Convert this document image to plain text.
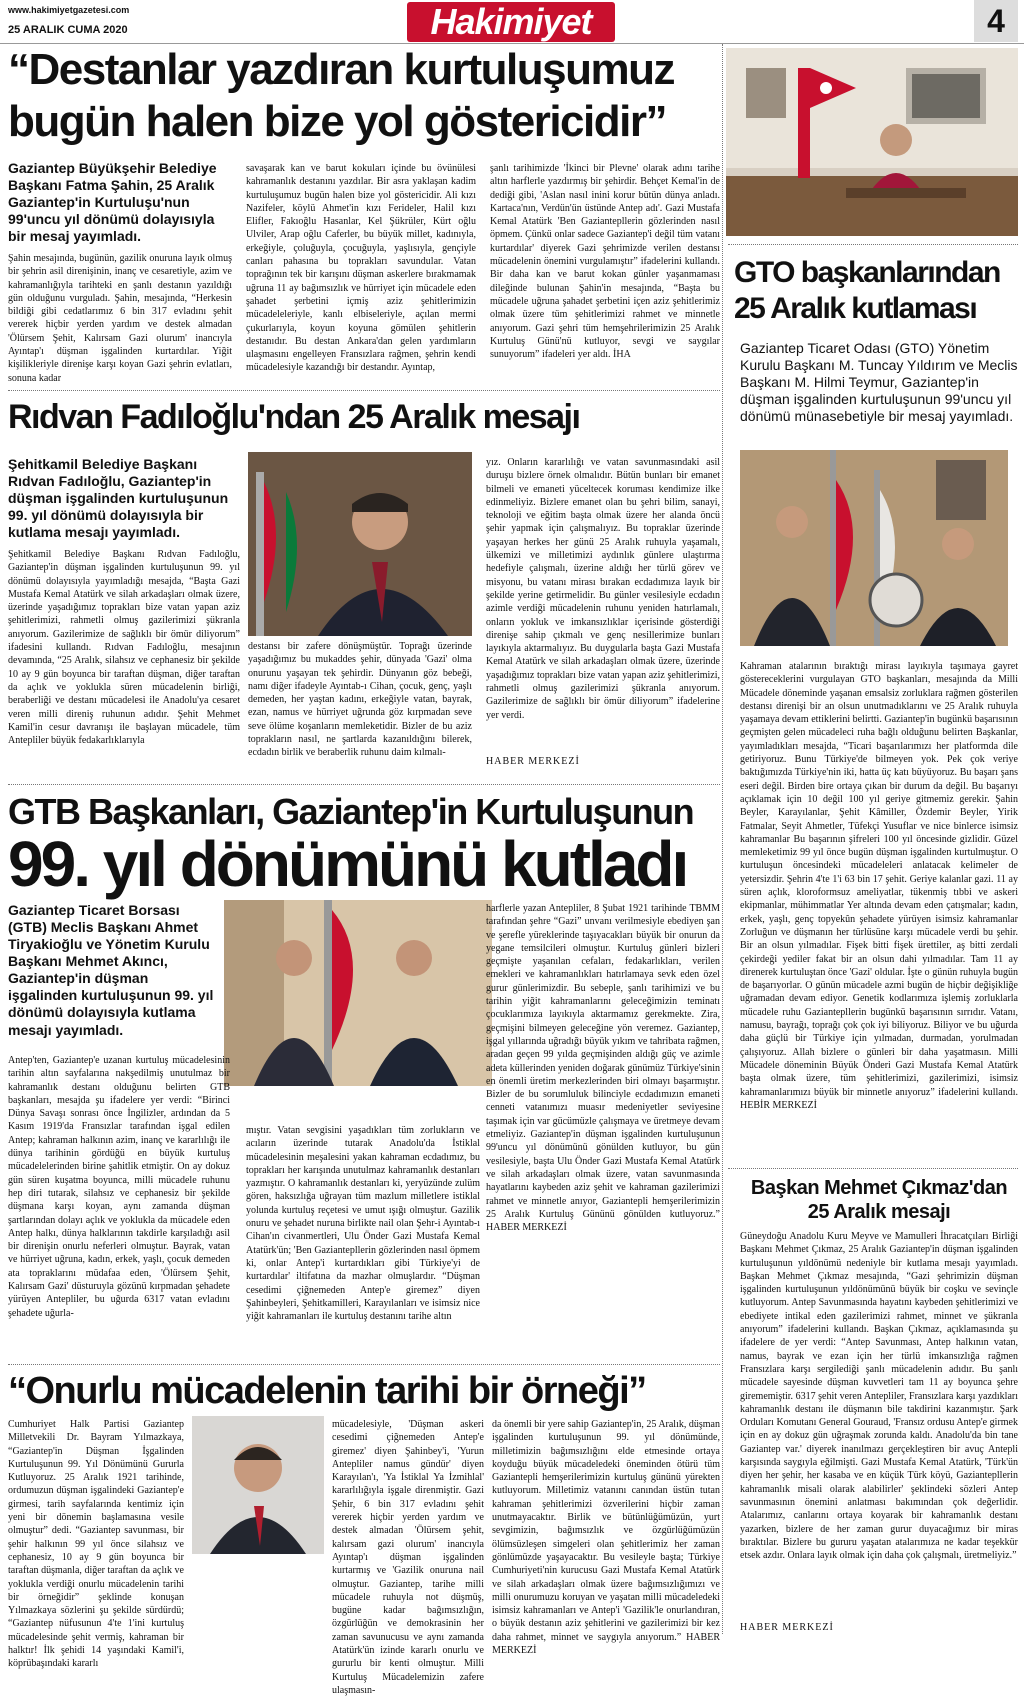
www.hakimiyetgazetesi.com
25 ARALIK CUMA 2020	Hakimiyet	4
“Destanlar yazdıran kurtuluşumuz
bugün halen bize yol göstericidir”
Gaziantep Büyükşehir Belediye Başkanı Fatma Şahin, 25 Aralık Gaziantep'in Kurtuluşu'nun 99'uncu yıl dönümü dolayısıyla bir mesaj yayımladı.
Şahin mesajında, bugünün, gazilik onuruna layık olmuş bir şehrin asil direnişinin, inanç ve cesaretiyle, azim ve kahramanlığıyla tarihteki en şanlı destanın yazıldığı gün olduğunu vurguladı. Şahin, mesajında, “Herkesin bildiği gibi cedatlarımız 6 bin 317 evladını şehit vererek hiçbir yerden yardım ve destek almadan 'Ölürsem Şehit, Kalırsam Gazi olurum' inancıyla Ayıntap'ı düşman işgalinden kurtardılar. Yiğit kişilikleriyle direnişe karşı koyan Gazi şehrin evlatları, sonuna kadar
savaşarak kan ve barut kokuları içinde bu övünülesi kahramanlık destanını yazdılar. Bir asra yaklaşan kadim kurtuluşumuz bugün halen bize yol göstericidir. Ali kızı Nazifeler, köylü Ahmet'in kızı Ferideler, Halil kızı Elifler, Fakıoğlu Hasanlar, Kel Şükrüler, Kürt oğlu Ulviler, Arap oğlu Caferler, bu büyük millet, kadınıyla, erkeğiyle, çoluğuyla, çocuğuyla, yaşlısıyla, gençiyle canları pahasına bu toprakları savundular. Vatan toprağının tek bir karışını düşman askerlere bırakmamak uğruna 11 ay bağımsızlık ve hürriyet için mücadele eden şahadet şerbetini içmiş aziz şehitlerimizin mücadeleleriyle, kanlı elbiseleriyle, açılan mermi çukurlarıyla, koyun koyuna gömülen şehitlerin destanıdır. Bu destan Ankara'dan gelen yardımların ulaşmasını engelleyen Fransızlara rağmen, şehrin kendi mücadelesiyle kazandığı bir destandır. Ayıntap,
şanlı tarihimizde 'İkinci bir Plevne' olarak adını tarihe altın harflerle yazdırmış bir şehirdir. Behçet Kemal'in de dediği gibi, 'Aslan nasıl inini korur bütün dünya anladı. Kartaca'nın, Verdün'ün üstünde Antep adı'. Gazi Mustafa Kemal Atatürk 'Ben Gaziantepllerin gözlerinden nasıl öpmem. Çünkü onlar sadece Gaziantep'i değil tüm vatanı kurtardılar' diyerek Gazi şehrimizde verilen destansı mücadelenin önemini vurgulamıştır” ifadelerini kullandı. Bir daha kan ve barut kokan günler yaşanmaması dileğinde bulunan Şahin'in mesajında, “Başta bu mücadele uğruna şahadet şerbetini içen aziz şehitlerimiz olmak üzere tüm şehitlerimizi rahmet ve minnetle anıyorum. Gazi şehri tüm hemşehrilerimizin 25 Aralık Kurtuluş Günü'nü kutluyor, sevgi ve saygılar sunuyorum” ifadeleri yer aldı. İHA
Rıdvan Fadıloğlu'ndan 25 Aralık mesajı
Şehitkamil Belediye Başkanı Rıdvan Fadıloğlu, Gaziantep'in düşman işgalinden kurtuluşunun 99. yıl dönümü dolayısıyla bir kutlama mesajı yayımladı.
Şehitkamil Belediye Başkanı Rıdvan Fadıloğlu, Gaziantep'in düşman işgalinden kurtuluşunun 99. yıl dönümü dolayısıyla yayımladığı mesajda, “Başta Gazi Mustafa Kemal Atatürk ve silah arkadaşları olmak üzere, üzerinde yaşadığımız toprakları bize vatan yapan aziz şehitlerimizi, rahmetli olmuş gazilerimizi şükranla anıyorum. Gazilerimize de sağlıklı bir ömür diliyorum” ifadesini kullandı. Rıdvan Fadıloğlu, mesajının devamında, “25 Aralık, silahsız ve cephanesiz bir şekilde 10 ay 9 gün boyunca bir taraftan düşman, diğer taraftan da açlık ve yoklukla süren mücadelenin birliği, beraberliği ve destanı mücadelesi ile Anadolu'ya cesaret veren milli direniş ruhunun adıdır. Şehit Mehmet Kamil'in cesur davranışı ile başlayan mücadele, tüm Antepliler büyük fedakarlıklarıyla
destansı bir zafere dönüşmüştür. Toprağı üzerinde yaşadığımız bu mukaddes şehir, dünyada 'Gazi' olma onurunu yaşayan tek şehirdir. Dünyanın göz bebeği, namı diğer ifadeyle Ayıntab-ı Cihan, çocuk, genç, yaşlı demeden, her yaştan kadını, erkeğiyle vatan, bayrak, ezan, namus ve hürriyet uğrunda göz kırpmadan seve seve ölüme koşanların memleketidir. Bizler de bu aziz toprakların nasıl, ne şartlarda kazanıldığını bilerek, ecdadın birlik ve beraberlik ruhunu daim kılmalı-
yız. Onların kararlılığı ve vatan savunmasındaki asil duruşu bizlere örnek olmalıdır. Bütün bunları bir emanet bilmeli ve emaneti yüceltecek koruması kendimize ilke edinmeliyiz. Bizlere emanet olan bu şehri bilim, sanayi, teknoloji ve eğitim başta olmak üzere her alanda öncü şehir yapmak için çalışmalıyız. Bu topraklar üzerinde yaşayan herkes her günü 25 Aralık ruhuyla yaşamalı, ülkemizi ve milletimizi aydınlık günlere ulaştırma hedefiyle çalışmalı, üzerine aldığı her türlü görev ve misyonu, bu vatanı mirası bırakan ecdadımıza layık bir şekilde yerine getirmelidir. Bu günler vesilesiyle ecdadın azimle verdiği mücadelenin ruhunu yeniden hatırlamalı, onların yokluk ve imkansızlıklar içerisinde gösterdiği direnişe sahip çıkmalı ve genç nesillerimize bunları layıkıyla aktarmalıyız. Bu duygularla başta Gazi Mustafa Kemal Atatürk ve silah arkadaşları olmak üzere, üzerinde yaşadığımız toprakları bize vatan yapan aziz şehitlerimizi, rahmetli olmuş gazilerimizi şükranla anıyorum. Gazilerimize de sağlıklı bir ömür diliyorum” ifadelerine yer verdi.
HABER MERKEZİ
GTB Başkanları, Gaziantep'in Kurtuluşunun
99. yıl dönümünü kutladı
Gaziantep Ticaret Borsası (GTB) Meclis Başkanı Ahmet Tiryakioğlu ve Yönetim Kurulu Başkanı Mehmet Akıncı, Gaziantep'in düşman işgalinden kurtuluşunun 99. yıl dönümü dolayısıyla kutlama mesajı yayımladı.
Antep'ten, Gaziantep'e uzanan kurtuluş mücadelesinin tarihin altın sayfalarına nakşedilmiş unutulmaz bir kahramanlık destanı olduğunu belirten GTB başkanları, mesajda şu ifadelere yer verdi: “Birinci Dünya Savaşı sonrası önce İngilizler, ardından da 5 Kasım 1919'da Fransızlar tarafından işgal edilen Antep; kahraman halkının azim, inanç ve kararlılığı ile dünya tarihinin gördüğü en büyük kurtuluş mücadelelerinden birine şahitlik etmiştir. On ay dokuz gün süren kuşatma boyunca, milli mücadele ruhunu hep diri tutarak, silahsız ve cephanesiz bir şekilde düşmana karşı koyan, aynı zamanda düşman şartlarından dolayı açlık ve yoklukla da mücadele eden Antep halkı, dünya halklarının takdirle karşıladığı asil bir direnişin onurlu neferleri olmuştur. Bayrak, vatan ve hürriyet uğruna, kadın, erkek, yaşlı, çocuk demeden ata topraklarını müdafaa eden, 'Ölürsem Şehit, Kalırsam Gazi' düsturuyla gözünü kırpmadan şehadete yürüyen Antepliler, bu uğurda 6317 vatan evladını şehadete uğurla-
mıştır. Vatan sevgisini yaşadıkları tüm zorlukların ve acıların üzerinde tutarak Anadolu'da İstiklal mücadelesinin meşalesini yakan kahraman ecdadımız, bu toprakları her karışında unutulmaz kahramanlık destanları yazmıştır. O kahramanlık destanları ki, yeryüzünde zulüm gören, haksızlığa uğrayan tüm mazlum milletlere istiklal yolunda kurtuluş reçetesi ve umut ışığı olmuştur. Gazilik onuru ve şehadet nuruna birlikte nail olan Şehr-i Ayıntab-ı Cihan'ın civanmertleri, Ulu Önder Gazi Mustafa Kemal Atatürk'ün; 'Ben Gaziantepllerin gözlerinden nasıl öpmem ki, onlar Antep'i kurtardıkları gibi Türkiye'yi de kurtardılar' iltifatına da mazhar olmuşlardır. “Düşman cesedimi çiğnemeden Antep'e giremez” diyen Şahinbeyleri, Şehitkamilleri, Karayılanları ve isimsiz nice yiğit kahramanları ile kurtuluş destanını tarihe altın
harflerle yazan Antepliler, 8 Şubat 1921 tarihinde TBMM tarafından şehre “Gazi” unvanı verilmesiyle ebediyen şan ve şerefle yüreklerinde taşıyacakları büyük bir onurun da yegane temsilcileri olmuştur. Kurtuluş günleri bizleri geçmişte yaşanılan cefaları, fedakarlıkları, verilen emekleri ve kahramanlıkları hatırlamaya sevk eden özel gurur günlerimizdir. Bu sebeple, şanlı tarihimizi ve bu tarihin yiğit kahramanlarını geleceğimizin teminatı çocuklarımıza layıkıyla aktarmamız gerekmekte. Zira, geçmişini bilmeyen geleceğine yön veremez. Gaziantep, işgal yıllarında uğradığı büyük yıkım ve tahribata rağmen, aradan geçen 99 yılda geçmişinden aldığı güç ve azimle adeta küllerinden yeniden doğarak günümüz Türkiye'sinin en önemli üretim merkezlerinden biri olmayı başarmıştır. Bizler de bu sorumluluk bilinciyle ecdadımızın emaneti cenneti vatanımızı muasır medeniyetler seviyesine taşımak için var gücümüzle çalışmaya ve üretmeye devam etmeliyiz. Gaziantep'in düşman işgalinden kurtuluşunun 99'uncu yıl dönümünü gönülden kutluyor, bu gün vesilesiyle, başta Ulu Önder Gazi Mustafa Kemal Atatürk ve silah arkadaşları olmak üzere, vatan savunmasında hayatlarını kaybeden aziz şehit ve kahraman gazilerimizi rahmet ve minnetle anıyor, Gaziantepli hemşerilerimizin 25 Aralık Kurtuluş Gününü gönülden kutluyoruz.” HABER MERKEZİ
“Onurlu mücadelenin tarihi bir örneği”
Cumhuriyet Halk Partisi Gaziantep Milletvekili Dr. Bayram Yılmazkaya, “Gaziantep'in Düşman İşgalinden Kurtuluşunun 99. Yıl Dönümünü Gururla Kutluyoruz. 25 Aralık 1921 tarihinde, ordumuzun düşman işgalindeki Gaziantep'e girmesi, tarih sayfalarında kentimiz için yeni bir dönemin başlamasına vesile olmuştur” dedi. “Gaziantep savunması, bir şehir halkının 99 yıl önce silahsız ve cephanesiz, 10 ay 9 gün boyunca bir taraftan düşmanla, diğer taraftan da açlık ve yoklukla verdiği onurlu mücadelenin tarihi bir örneğidir” şeklinde konuşan Yılmazkaya sözlerini şu şekilde sürdürdü; “Gaziantep nüfusunun 4'te 1'ini kurtuluş mücadelesinde şehit vermiş, kahraman bir halktır! İlk şehidi 14 yaşındaki Kamil'i, köprübaşındaki kararlı
mücadelesiyle, 'Düşman askeri cesedimi çiğnemeden Antep'e giremez' diyen Şahinbey'i, 'Yurun Antepliler namus gündür' diyen Karayılan'ı, 'Ya İstiklal Ya İzmihlal' kararlılığıyla işgale direnmiştir. Gazi Şehir, 6 bin 317 evladını şehit vererek hiçbir yerden yardım ve destek almadan 'Ölürsem şehit, kalırsam gazi olurum' inancıyla Ayıntap'ı düşman işgalinden kurtarmış ve 'Gazilik onuruna nail olmuştur. Gaziantep, tarihe milli mücadele ruhuyla not düşmüş, bugüne kadar bağımsızlığın, özgürlüğün ve demokrasinin her zaman savunucusu ve aynı zamanda Atatürk'ün izinde kararlı onurlu ve gururlu bir kenti olmuştur. Milli Kurtuluş Mücadelemizin zafere ulaşmasın-
da önemli bir yere sahip Gaziantep'in, 25 Aralık, düşman işgalinden kurtuluşunun 99. yıl dönümünde, milletimizin bağımsızlığını elde etmesinde ortaya koyduğu büyük mücadeledeki öneminden ötürü tüm Gaziantepli hemşerilerimizin kurtuluş gününü yürekten kutluyorum. Milletimiz vatanını canından üstün tutan kahraman şehitlerimizi özverilerini hiçbir zaman unutmayacaktır. Birlik ve bütünlüğümüzün, yurt sevgimizin, bağımsızlık ve özgürlüğümüzün ölümsüzleşen simgeleri olan şehitlerimiz her zaman gönlümüzde yaşayacaktır. Bu vesileyle başta; Türkiye Cumhuriyeti'nin kurucusu Gazi Mustafa Kemal Atatürk ve silah arkadaşları olmak üzere bağımsızlığımızı ve milli onurumuzu koruyan ve yaşatan milli mücadeledeki isimsiz kahramanları ve Antep'i 'Gazilik'le onurlandıran, o büyük destanın aziz şehitlerini ve gazilerimizi bir kez daha rahmet, minnet ve saygıyla anıyorum.” HABER MERKEZİ
GTO başkanlarından
25 Aralık kutlaması
Gaziantep Ticaret Odası (GTO) Yönetim Kurulu Başkanı M. Tuncay Yıldırım ve Meclis Başkanı M. Hilmi Teymur, Gaziantep'in düşman işgalinden kurtuluşunun 99'uncu yıl dönümü münasebetiyle bir mesaj yayımladı.
Kahraman atalarının bıraktığı mirası layıkıyla taşımaya gayret göstereceklerini vurgulayan GTO başkanları, mesajında da Milli Mücadele döneminde yaşanan emsalsiz zorluklara rağmen gösterilen destansı direnişi bir an olsun unutmadıklarını ve 25 Aralık ruhuyla yaşamaya devam ettiklerini belirtti. Gaziantep'in bugünkü başarısının geçmişten gelen mücadeleci ruha bağlı olduğunu belirten Başkanlar, yayımladıkları mesajda, “Ticari başarılarımızı her platformda dile getiriyoruz. Bunu Türkiye'de bilmeyen yok. Pek çok veriye baktığımızda Türkiye'nin iki, hatta üç katı büyüyoruz. Bu başarı şans eseri değil. Birden bire ortaya çıkan bir durum da değil. Bu başarıyı açıklamak için 10 değil 100 yıl geriye gitmemiz gerekir. Şahin Beyler, Karayılanlar, Şehit Kâmiller, Özdemir Beyler, Yirik Fatmalar, Seyit Ahmetler, Tüfekçi Yusuflar ve nice binlerce isimsiz kahramanlar Bu başarının şifreleri 100 yıl öncesinde gizlidir. Güzel memleketimiz 99 yıl önce bugün düşman işgalinden kurtulmuştur. O kurtuluşun öncesindeki mücadeleleri anlatacak kelimeler de yetersizdir. Şehrin 4'te 1'i 63 bin 17 şehit. Geriye kalanlar gazi. 11 ay süren açlık, kloroformsuz ameliyatlar, tükenmiş tıbbi ve askeri ekipmanlar, mühimmatlar Yer altında devam eden çatışmalar; kadın, erkek, yaşlı, genç topyekûn şehadete yürüyen isimsiz kahramanlar Zorluğun ve düşmanın her türlüsüne karşı mücadele verdi bu şehir. Bir an olsun yılmadılar. Fişek bitti fişek ürettiler, aş bitti zerdali çekirdeği yediler fakat bir an olsun dahi yılmadılar. Tam 11 ay direnerek kurtuluştan önce 'Gazi' oldular. İşte o günün ruhuyla bugün de başarıyorlar. O günün mücadele azmi bugün de hiçbir değişikliğe uğramadan devam ediyor. Genetik kodlarımıza işlemiş zorluklarla mücadele ruhu Gaziantepllerin bugünkü başarısının sırrıdır. Vatanı, namusu, bayrağı, toprağı çok çok iyi biliyoruz. Biliyor ve bu uğurda daha güçlü bir Türkiye için yılmadan, durmadan, yorulmadan çalışıyoruz. Allah bizlere o günleri bir daha yaşatmasın. Milli Mücadele döneminin Büyük Önderi Gazi Mustafa Kemal Atatürk başta olmak üzere, tüm şehitlerimizi, gazilerimizi, isimsiz kahramanlarımızı büyük bir minnetle anıyoruz” ifadelerini kullandı. HEBİR MERKEZİ
Başkan Mehmet Çıkmaz'dan
25 Aralık mesajı
Güneydoğu Anadolu Kuru Meyve ve Mamulleri İhracatçıları Birliği Başkanı Mehmet Çıkmaz, 25 Aralık Gaziantep'in düşman işgalinden kurtuluşunun yıldönümü nedeniyle bir kutlama mesajı yayımladı. Başkan Mehmet Çıkmaz mesajında, “Gazi şehrimizin düşman işgalinden kurtuluşunun yıldönümünü büyük bir coşku ve sevinçle kutluyorum. Antep Savunmasında hayatını kaybeden şehitlerimizi ve ebediyete intikal eden gazilerimizi rahmet, minnet ve şükranla anıyorum” ifadelerini kullandı. Başkan Çıkmaz, açıklamasında şu ifadelere de yer verdi: “Antep Savunması, Antep halkının vatan, namus, bayrak ve ezan için her türlü imkansızlığa rağmen Fransızlara karşı sergilediği şanlı mücadelenin adıdır. Bu şanlı mücadele sayesinde düşman kuvvetleri tam 11 ay boyunca şehre girememiştir. 6317 şehit veren Antepliler, Fransızlara karşı yazdıkları kahramanlık destanı ile düşmanın bile takdirini kazanmıştır. Şark Orduları Komutanı General Gouraud, 'Fransız ordusu Antep'e girmek için en ay dokuz gün uğraşmak zorunda kaldı. Anadolu'da bin tane Gaziantep var.' diyerek inanılmazı gerçekleştiren bir avuç Antepli karşısında saygıyla eğilmişti. Gazi Mustafa Kemal Atatürk, 'Türk'ün diyen her şehir, her kasaba ve en küçük Türk köyü, Gaziantepllerin kahramanlık misali olarak alabilirler' şeklindeki sözleri Antep savunmasının önemini anlatması bakımından çok değerlidir. Atalarımız, canlarını ortaya koyarak bir kahramanlık destanı yazarken, bizlere de her zaman gurur duyacağımız bir miras bıraktılar. Bizlere bu gururu yaşatan atalarımıza ne kadar teşekkür etsek azdır. Onlara layık olmak için daha çok çalışmalı, üretmeliyiz.”
HABER MERKEZİ
